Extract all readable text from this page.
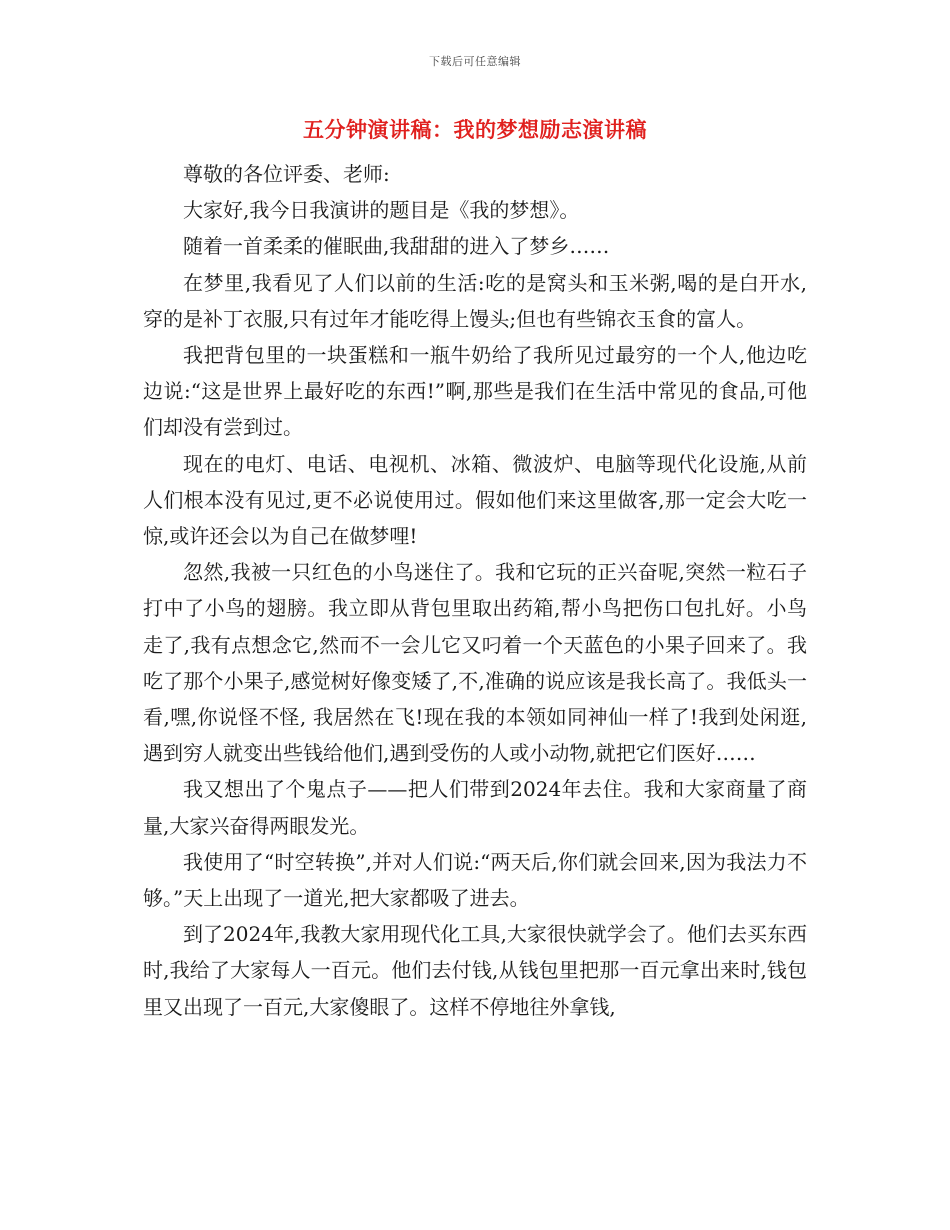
下载后可任意编辑
五分钟演讲稿：我的梦想励志演讲稿

尊敬的各位评委、老师:

大家好,我今日我演讲的题目是《我的梦想》。

随着一首柔柔的催眠曲,我甜甜的进入了梦乡……

在梦里,我看见了人们以前的生活:吃的是窝头和玉米粥,喝的是白开水,穿的是补丁衣服,只有过年才能吃得上馒头;但也有些锦衣玉食的富人。

我把背包里的一块蛋糕和一瓶牛奶给了我所见过最穷的一个人,他边吃边说:“这是世界上最好吃的东西!”啊,那些是我们在生活中常见的食品,可他们却没有尝到过。

现在的电灯、电话、电视机、冰箱、微波炉、电脑等现代化设施,从前人们根本没有见过,更不必说使用过。假如他们来这里做客,那一定会大吃一惊,或许还会以为自己在做梦哩!

忽然,我被一只红色的小鸟迷住了。我和它玩的正兴奋呢,突然一粒石子打中了小鸟的翅膀。我立即从背包里取出药箱,帮小鸟把伤口包扎好。小鸟走了,我有点想念它,然而不一会儿它又叼着一个天蓝色的小果子回来了。我吃了那个小果子,感觉树好像变矮了,不,准确的说应该是我长高了。我低头一看,嘿,你说怪不怪, 我居然在飞!现在我的本领如同神仙一样了!我到处闲逛,遇到穷人就变出些钱给他们,遇到受伤的人或小动物,就把它们医好……

我又想出了个鬼点子——把人们带到2024年去住。我和大家商量了商量,大家兴奋得两眼发光。

我使用了“时空转换”,并对人们说:“两天后,你们就会回来,因为我法力不够。”天上出现了一道光,把大家都吸了进去。

到了2024年,我教大家用现代化工具,大家很快就学会了。他们去买东西时,我给了大家每人一百元。他们去付钱,从钱包里把那一百元拿出来时,钱包里又出现了一百元,大家傻眼了。这样不停地往外拿钱,
